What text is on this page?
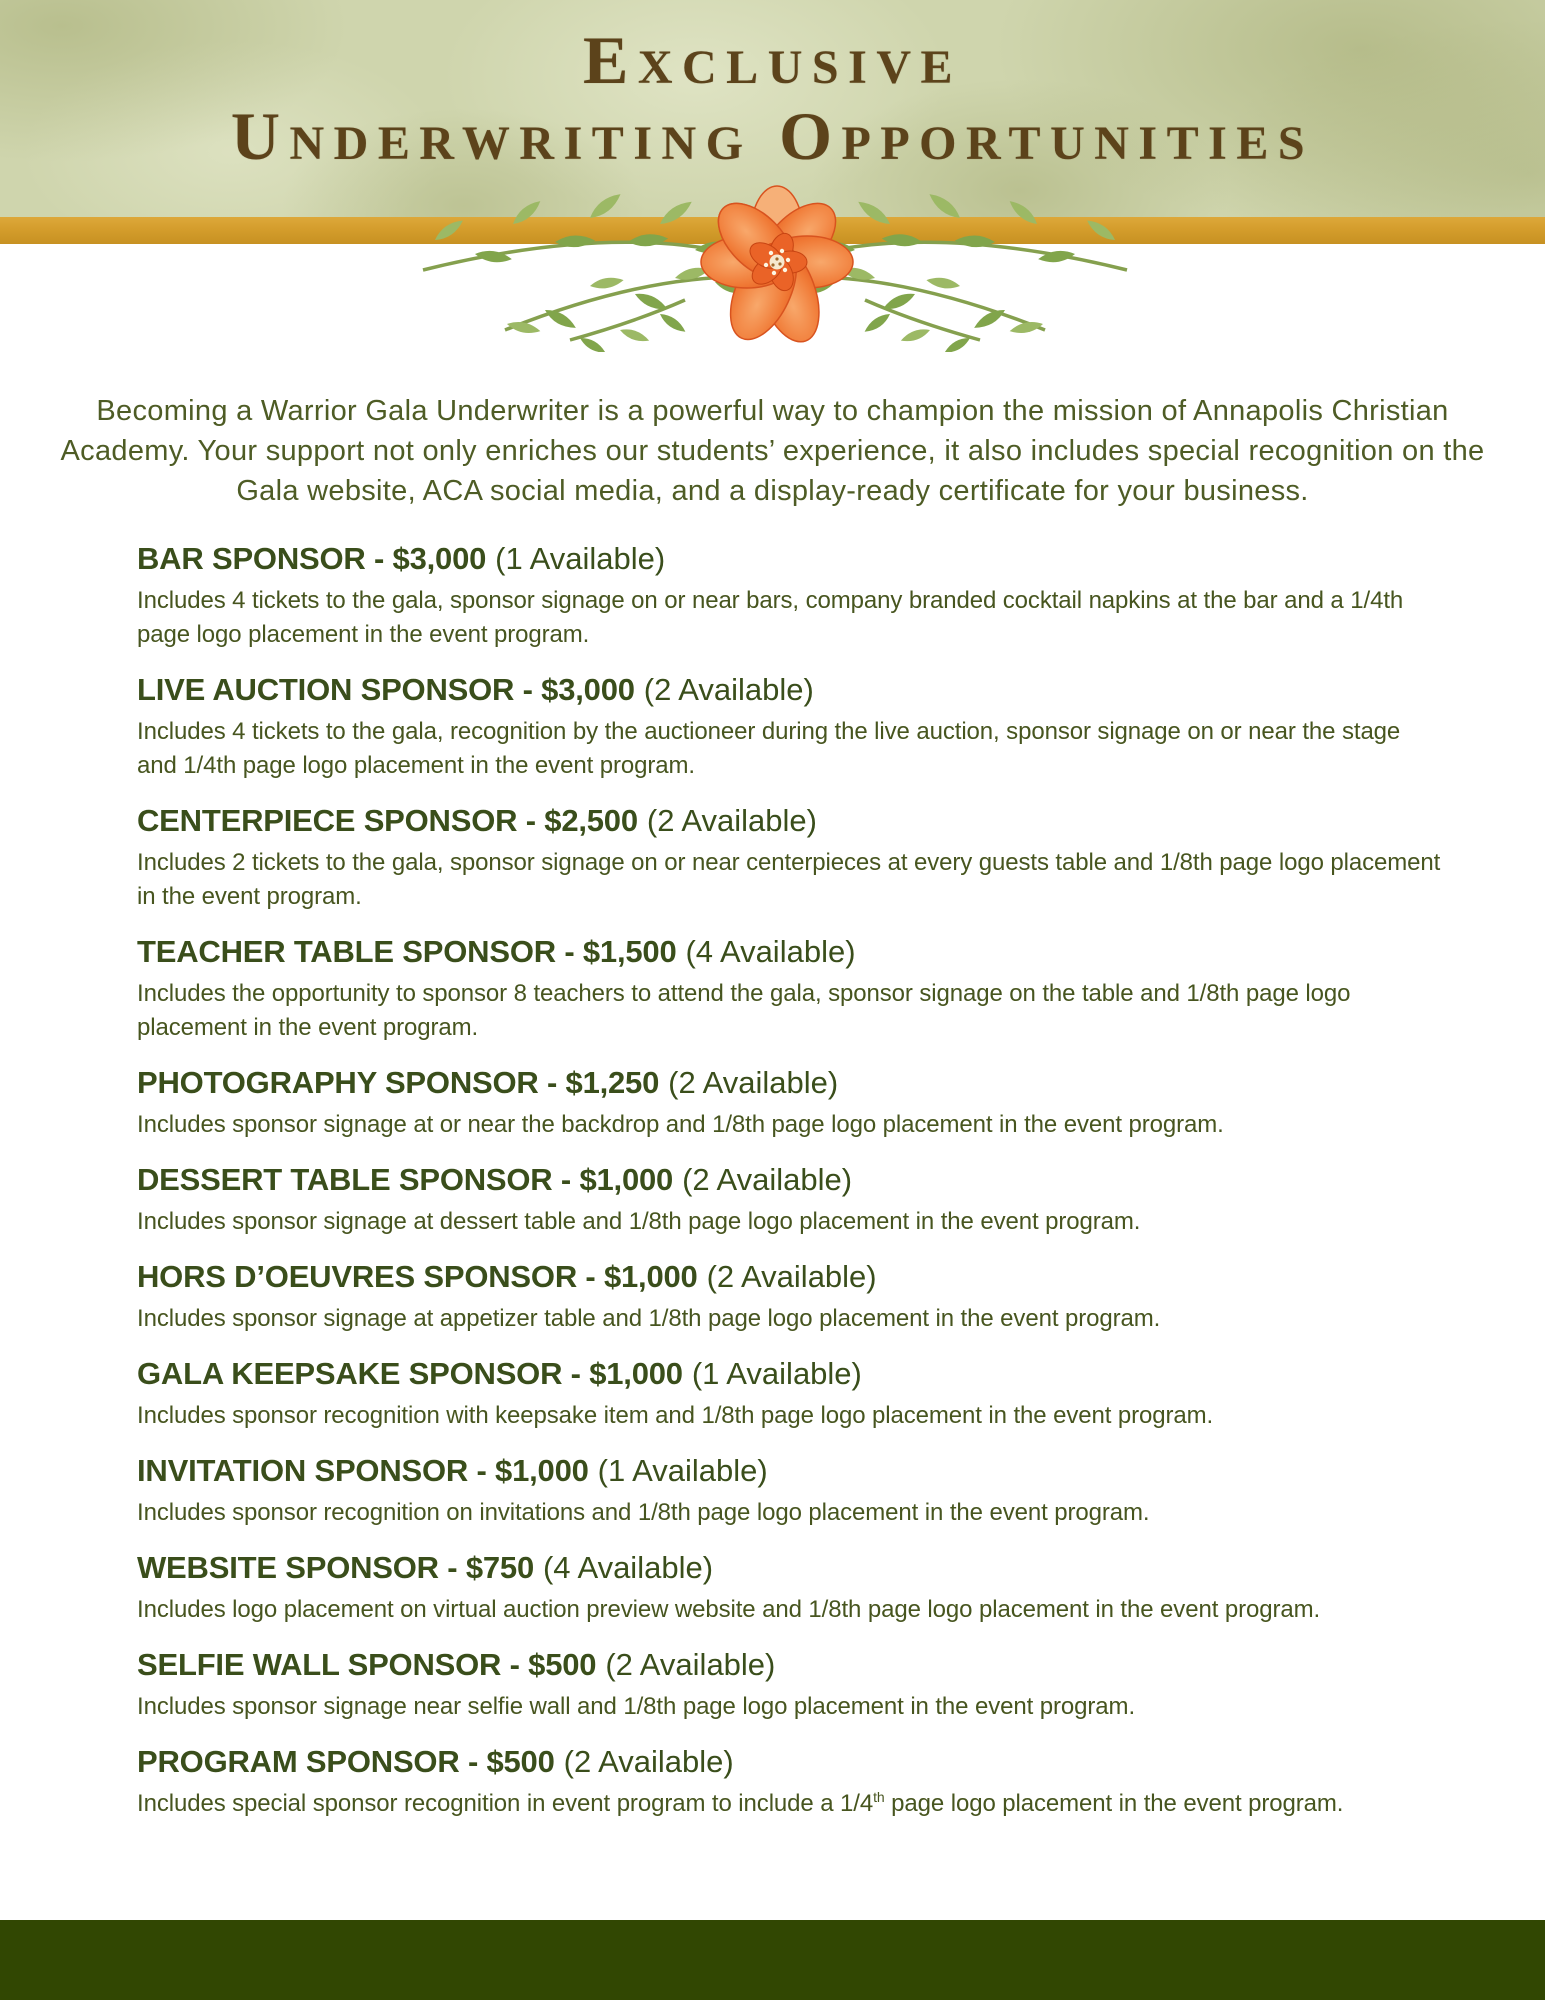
Exclusive
Underwriting Opportunities

Becoming a Warrior Gala Underwriter is a powerful way to champion the mission of Annapolis Christian Academy. Your support not only enriches our students’ experience, it also includes special recognition on the Gala website, ACA social media, and a display-ready certificate for your business.

BAR SPONSOR - $3,000 (1 Available)
Includes 4 tickets to the gala, sponsor signage on or near bars, company branded cocktail napkins at the bar and a 1/4th page logo placement in the event program.
LIVE AUCTION SPONSOR - $3,000 (2 Available)
Includes 4 tickets to the gala, recognition by the auctioneer during the live auction, sponsor signage on or near the stage and 1/4th page logo placement in the event program.
CENTERPIECE SPONSOR - $2,500 (2 Available)
Includes 2 tickets to the gala, sponsor signage on or near centerpieces at every guests table and 1/8th page logo placement in the event program.
TEACHER TABLE SPONSOR - $1,500 (4 Available)
Includes the opportunity to sponsor 8 teachers to attend the gala, sponsor signage on the table and 1/8th page logo placement in the event program.
PHOTOGRAPHY SPONSOR - $1,250 (2 Available)
Includes sponsor signage at or near the backdrop and 1/8th page logo placement in the event program.
DESSERT TABLE SPONSOR - $1,000 (2 Available)
Includes sponsor signage at dessert table and 1/8th page logo placement in the event program.
HORS D’OEUVRES SPONSOR - $1,000 (2 Available)
Includes sponsor signage at appetizer table and 1/8th page logo placement in the event program.
GALA KEEPSAKE SPONSOR - $1,000 (1 Available)
Includes sponsor recognition with keepsake item and 1/8th page logo placement in the event program.
INVITATION SPONSOR - $1,000 (1 Available)
Includes sponsor recognition on invitations and 1/8th page logo placement in the event program.
WEBSITE SPONSOR - $750 (4 Available)
Includes logo placement on virtual auction preview website and 1/8th page logo placement in the event program.
SELFIE WALL SPONSOR - $500 (2 Available)
Includes sponsor signage near selfie wall and 1/8th page logo placement in the event program.
PROGRAM SPONSOR - $500 (2 Available)
Includes special sponsor recognition in event program to include a 1/4th page logo placement in the event program.
